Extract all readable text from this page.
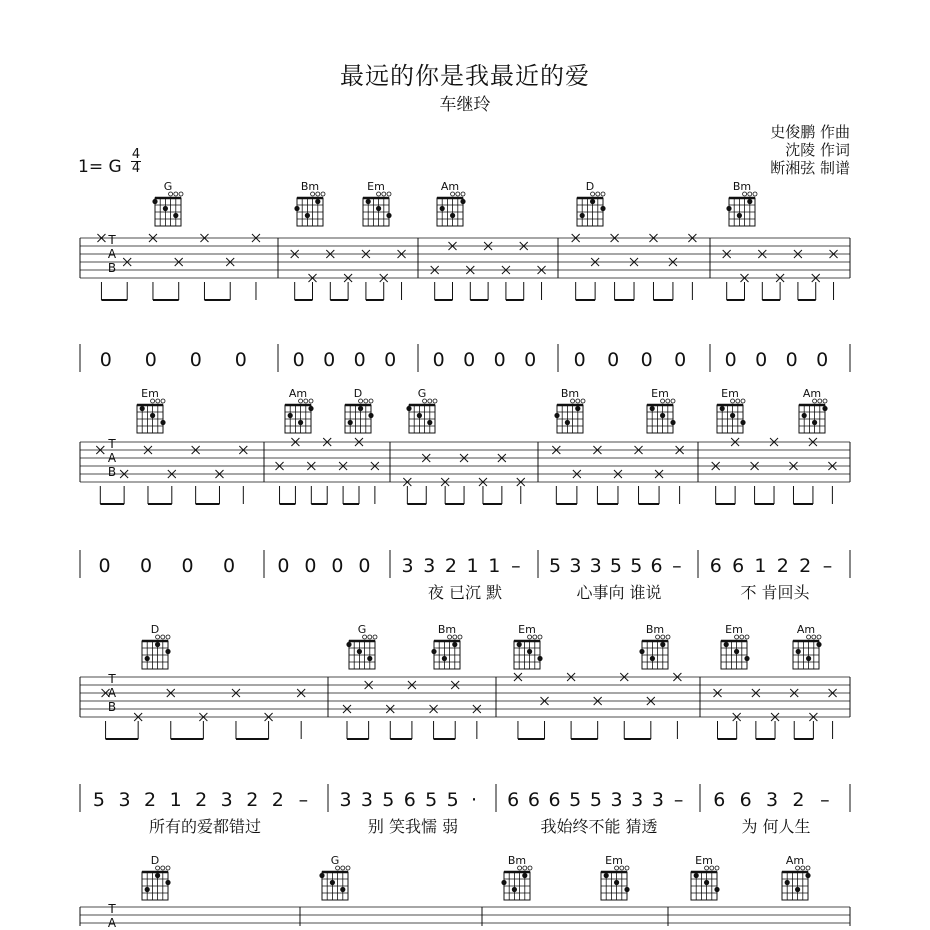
T
A
B
G	Bm	Em	Am	D	Bm
0 0 0 0 0 0 0 0 0 0 0 0 0 0 0 0 0 0 0 0
T
A
B
Em	Am	D	G	Bm	Em	Em	Am
0 0 0 0 0 0 0 0 3 3 2 1 1 –
夜 已沉 默
5 3 3 5 5 6 –
心事向 谁说
6 6 1 2 2 –
不 肯回头
T
A
B
D	G	Bm	Em	Bm	Em	Am
5 3 2 1 2 3 2 2 –
所有的爱都错过
3 3 5 6 5 5 ·
别 笑我懦 弱
6 6 6 5 5 3 3 3 –
我始终不能 猜透
6 6 3 2 –
为 何人生
T
A
D	G	Bm	Em	Em	Am
最远的你是我最近的爱
车继玲
史俊鹏 作曲
沈陵 作词
断湘弦 制谱
1= G
4
4
